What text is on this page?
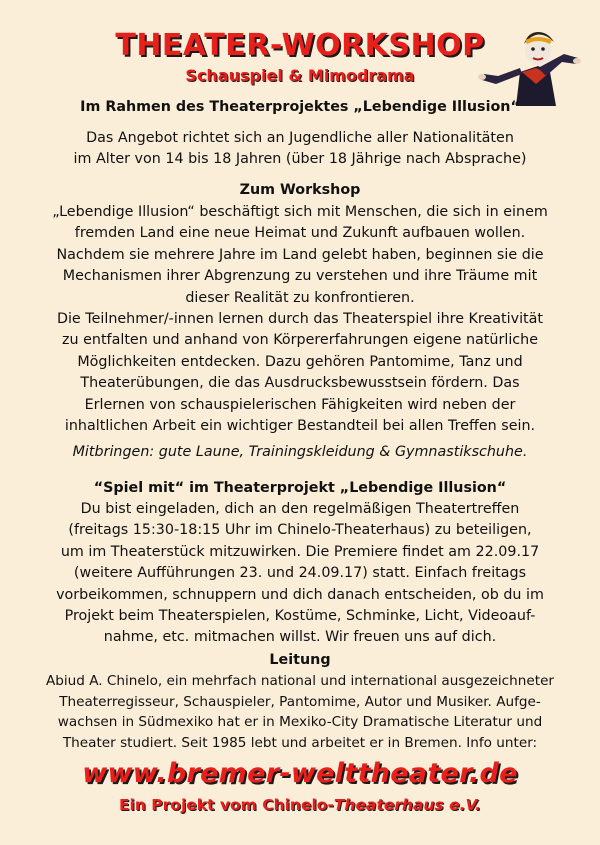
THEATER-WORKSHOP
Schauspiel & Mimodrama
Im Rahmen des Theaterprojektes „Lebendige Illusion“
Das Angebot richtet sich an Jugendliche aller Nationalitäten
im Alter von 14 bis 18 Jahren (über 18 Jährige nach Absprache)
Zum Workshop
„Lebendige Illusion“ beschäftigt sich mit Menschen, die sich in einem
fremden Land eine neue Heimat und Zukunft aufbauen wollen.
Nachdem sie mehrere Jahre im Land gelebt haben, beginnen sie die
Mechanismen ihrer Abgrenzung zu verstehen und ihre Träume mit
dieser Realität zu konfrontieren.
Die Teilnehmer/-innen lernen durch das Theaterspiel ihre Kreativität
zu entfalten und anhand von Körpererfahrungen eigene natürliche
Möglichkeiten entdecken. Dazu gehören Pantomime, Tanz und
Theaterübungen, die das Ausdrucksbewusstsein fördern. Das
Erlernen von schauspielerischen Fähigkeiten wird neben der
inhaltlichen Arbeit ein wichtiger Bestandteil bei allen Treffen sein.
Mitbringen: gute Laune, Trainingskleidung & Gymnastikschuhe.
“Spiel mit“ im Theaterprojekt „Lebendige Illusion“
Du bist eingeladen, dich an den regelmäßigen Theatertreffen
(freitags 15:30-18:15 Uhr im Chinelo-Theaterhaus) zu beteiligen,
um im Theaterstück mitzuwirken. Die Premiere findet am 22.09.17
(weitere Aufführungen 23. und 24.09.17) statt. Einfach freitags
vorbeikommen, schnuppern und dich danach entscheiden, ob du im
Projekt beim Theaterspielen, Kostüme, Schminke, Licht, Videoauf-
nahme, etc. mitmachen willst. Wir freuen uns auf dich.
Leitung
Abiud A. Chinelo, ein mehrfach national und international ausgezeichneter
Theaterregisseur, Schauspieler, Pantomime, Autor und Musiker. Aufge-
wachsen in Südmexiko hat er in Mexiko-City Dramatische Literatur und
Theater studiert. Seit 1985 lebt und arbeitet er in Bremen. Info unter:
www.bremer-welttheater.de
Ein Projekt vom Chinelo-Theaterhaus e.V.
